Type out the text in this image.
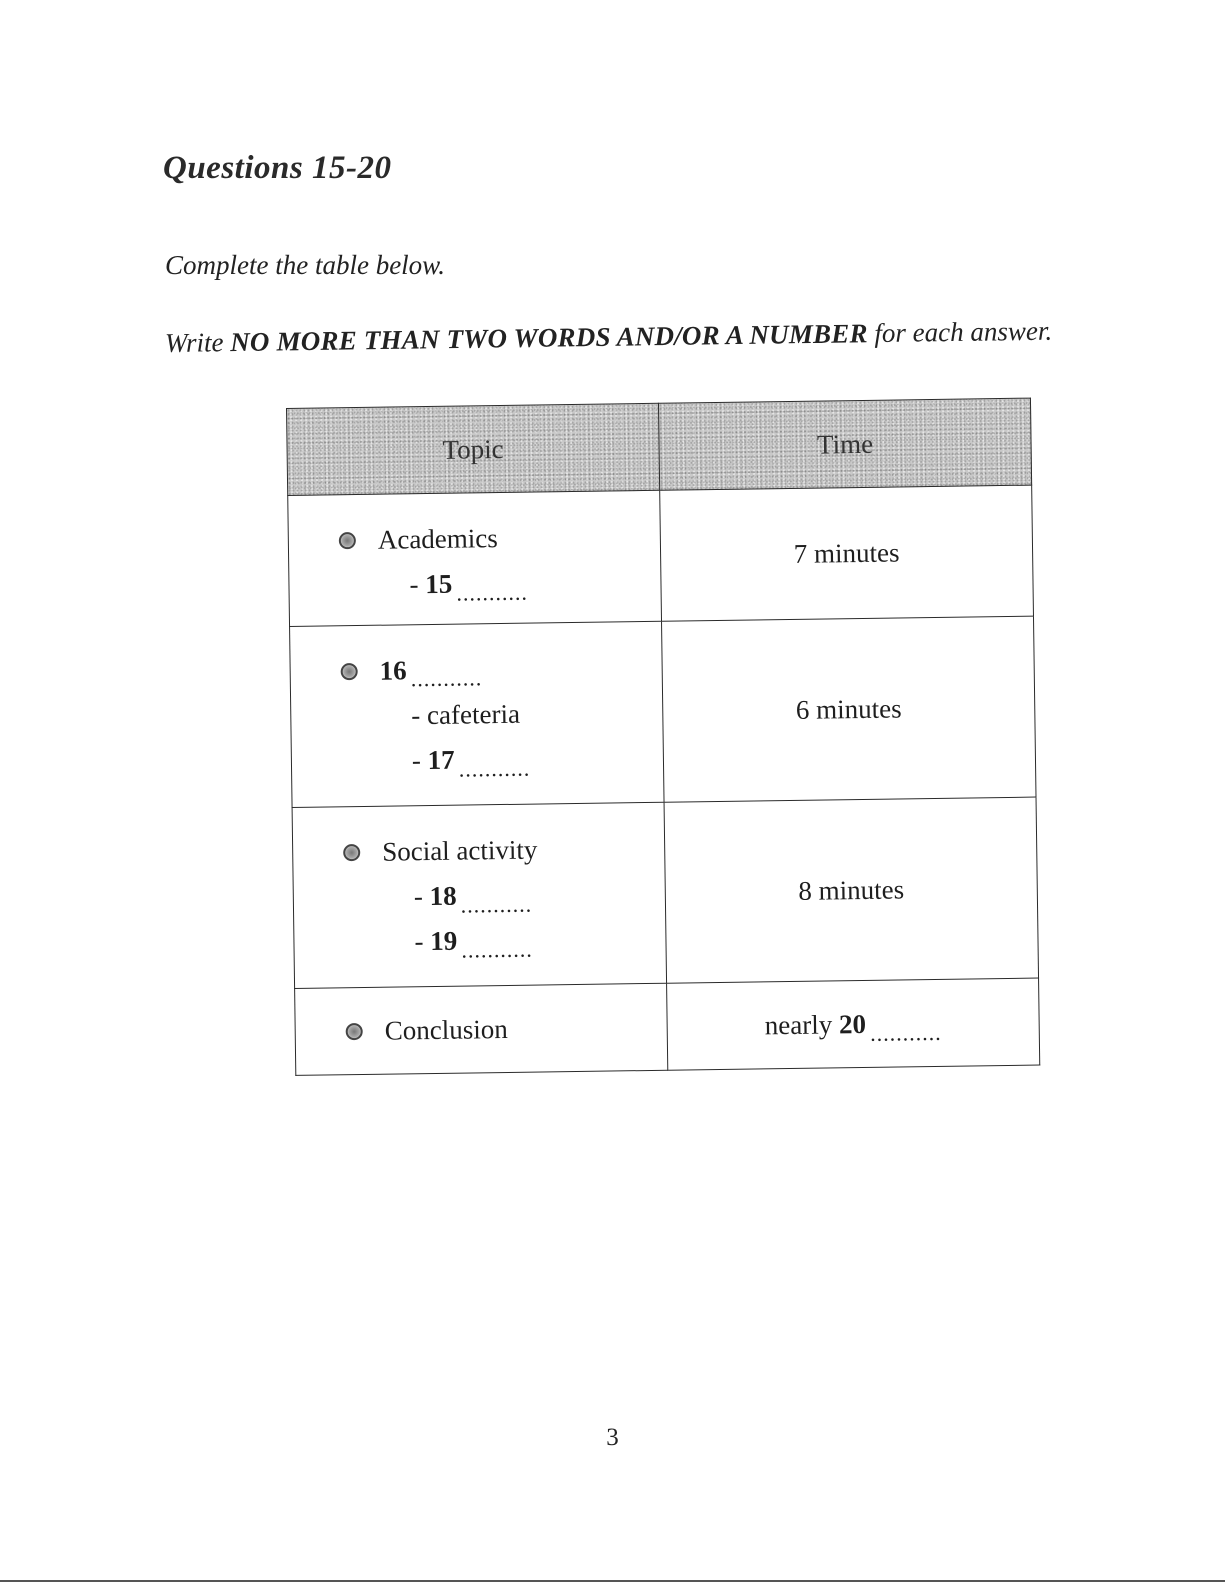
Questions 15-20
Complete the table below.
Write NO MORE THAN TWO WORDS AND/OR A NUMBER for each answer.
Topic	Time

Academics
- 15 $_{...........}$	7 minutes

16 ...........
- cafeteria
- 17 $_{...........}$	6 minutes

Social activity
- 18 $_{...........}$
- 19 $_{...........}$	8 minutes

Conclusion	nearly 20 $_{...........}$
3
